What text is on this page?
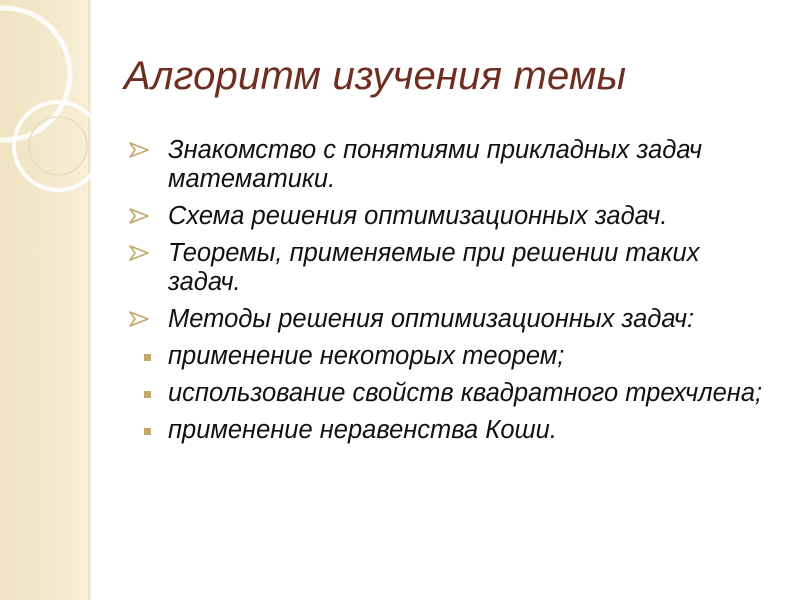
Алгоритм изучения темы
Знакомство с понятиями прикладных задач математики.
Схема решения оптимизационных задач.
Теоремы, применяемые при решении таких задач.
Методы решения оптимизационных задач:
применение некоторых теорем;
использование свойств квадратного трехчлена;
применение неравенства Коши.
